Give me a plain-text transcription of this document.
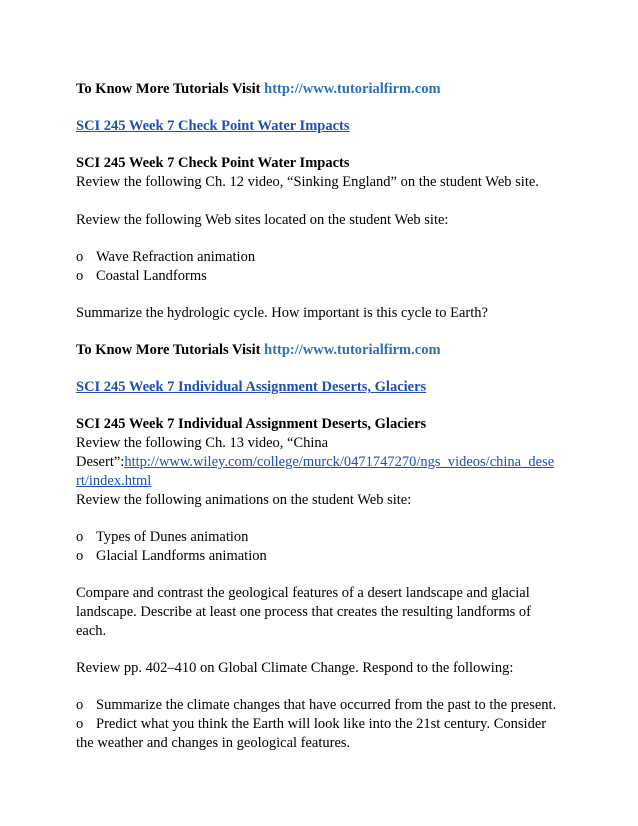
To Know More Tutorials Visit http://www.tutorialfirm.com
SCI 245 Week 7 Check Point Water Impacts
SCI 245 Week 7 Check Point Water Impacts
Review the following Ch. 12 video, “Sinking England” on the student Web site.
Review the following Web sites located on the student Web site:
o Wave Refraction animation
o Coastal Landforms
Summarize the hydrologic cycle. How important is this cycle to Earth?
To Know More Tutorials Visit http://www.tutorialfirm.com
SCI 245 Week 7 Individual Assignment Deserts, Glaciers
SCI 245 Week 7 Individual Assignment Deserts, Glaciers
Review the following Ch. 13 video, “China
Desert”:http://www.wiley.com/college/murck/0471747270/ngs_videos/china_dese
rt/index.html
Review the following animations on the student Web site:
o Types of Dunes animation
o Glacial Landforms animation
Compare and contrast the geological features of a desert landscape and glacial
landscape. Describe at least one process that creates the resulting landforms of
each.
Review pp. 402–410 on Global Climate Change. Respond to the following:
o Summarize the climate changes that have occurred from the past to the present.
o Predict what you think the Earth will look like into the 21st century. Consider
the weather and changes in geological features.
